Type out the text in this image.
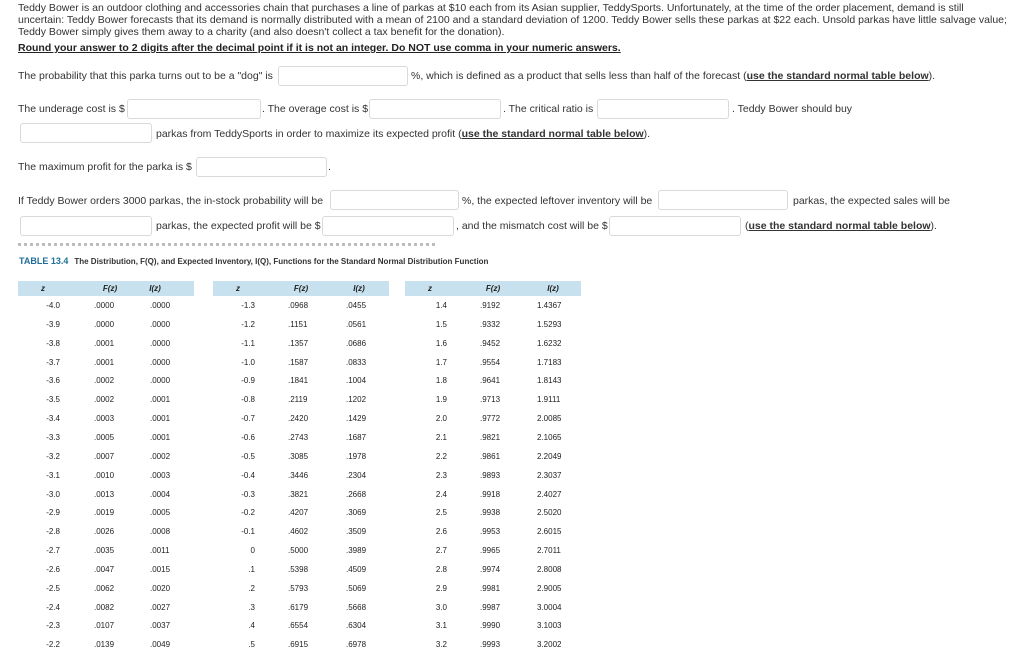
Teddy Bower is an outdoor clothing and accessories chain that purchases a line of parkas at $10 each from its Asian supplier, TeddySports. Unfortunately, at the time of the order placement, demand is still uncertain: Teddy Bower forecasts that its demand is normally distributed with a mean of 2100 and a standard deviation of 1200. Teddy Bower sells these parkas at $22 each. Unsold parkas have little salvage value; Teddy Bower simply gives them away to a charity (and also doesn't collect a tax benefit for the donation).
Round your answer to 2 digits after the decimal point if it is not an integer. Do NOT use comma in your numeric answers.
The probability that this parka turns out to be a "dog" is	%, which is defined as a product that sells less than half of the forecast (use the standard normal table below).
The underage cost is $	. The overage cost is $	. The critical ratio is	. Teddy Bower should buy
parkas from TeddySports in order to maximize its expected profit (use the standard normal table below).
The maximum profit for the parka is $	.
If Teddy Bower orders 3000 parkas, the in-stock probability will be	%, the expected leftover inventory will be	parkas, the expected sales will be
parkas, the expected profit will be $	, and the mismatch cost will be $	(use the standard normal table below).
TABLE 13.4 The Distribution, F(Q), and Expected Inventory, I(Q), Functions for the Standard Normal Distribution Function
z	F(z)	I(z)
-4.0	.0000	.0000
-3.9	.0000	.0000
-3.8	.0001	.0000
-3.7	.0001	.0000
-3.6	.0002	.0000
-3.5	.0002	.0001
-3.4	.0003	.0001
-3.3	.0005	.0001
-3.2	.0007	.0002
-3.1	.0010	.0003
-3.0	.0013	.0004
-2.9	.0019	.0005
-2.8	.0026	.0008
-2.7	.0035	.0011
-2.6	.0047	.0015
-2.5	.0062	.0020
-2.4	.0082	.0027
-2.3	.0107	.0037
-2.2	.0139	.0049
z	F(z)	I(z)
-1.3	.0968	.0455
-1.2	.1151	.0561
-1.1	.1357	.0686
-1.0	.1587	.0833
-0.9	.1841	.1004
-0.8	.2119	.1202
-0.7	.2420	.1429
-0.6	.2743	.1687
-0.5	.3085	.1978
-0.4	.3446	.2304
-0.3	.3821	.2668
-0.2	.4207	.3069
-0.1	.4602	.3509
0	.5000	.3989
.1	.5398	.4509
.2	.5793	.5069
.3	.6179	.5668
.4	.6554	.6304
.5	.6915	.6978
z	F(z)	I(z)
1.4	.9192	1.4367
1.5	.9332	1.5293
1.6	.9452	1.6232
1.7	.9554	1.7183
1.8	.9641	1.8143
1.9	.9713	1.9111
2.0	.9772	2.0085
2.1	.9821	2.1065
2.2	.9861	2.2049
2.3	.9893	2.3037
2.4	.9918	2.4027
2.5	.9938	2.5020
2.6	.9953	2.6015
2.7	.9965	2.7011
2.8	.9974	2.8008
2.9	.9981	2.9005
3.0	.9987	3.0004
3.1	.9990	3.1003
3.2	.9993	3.2002
